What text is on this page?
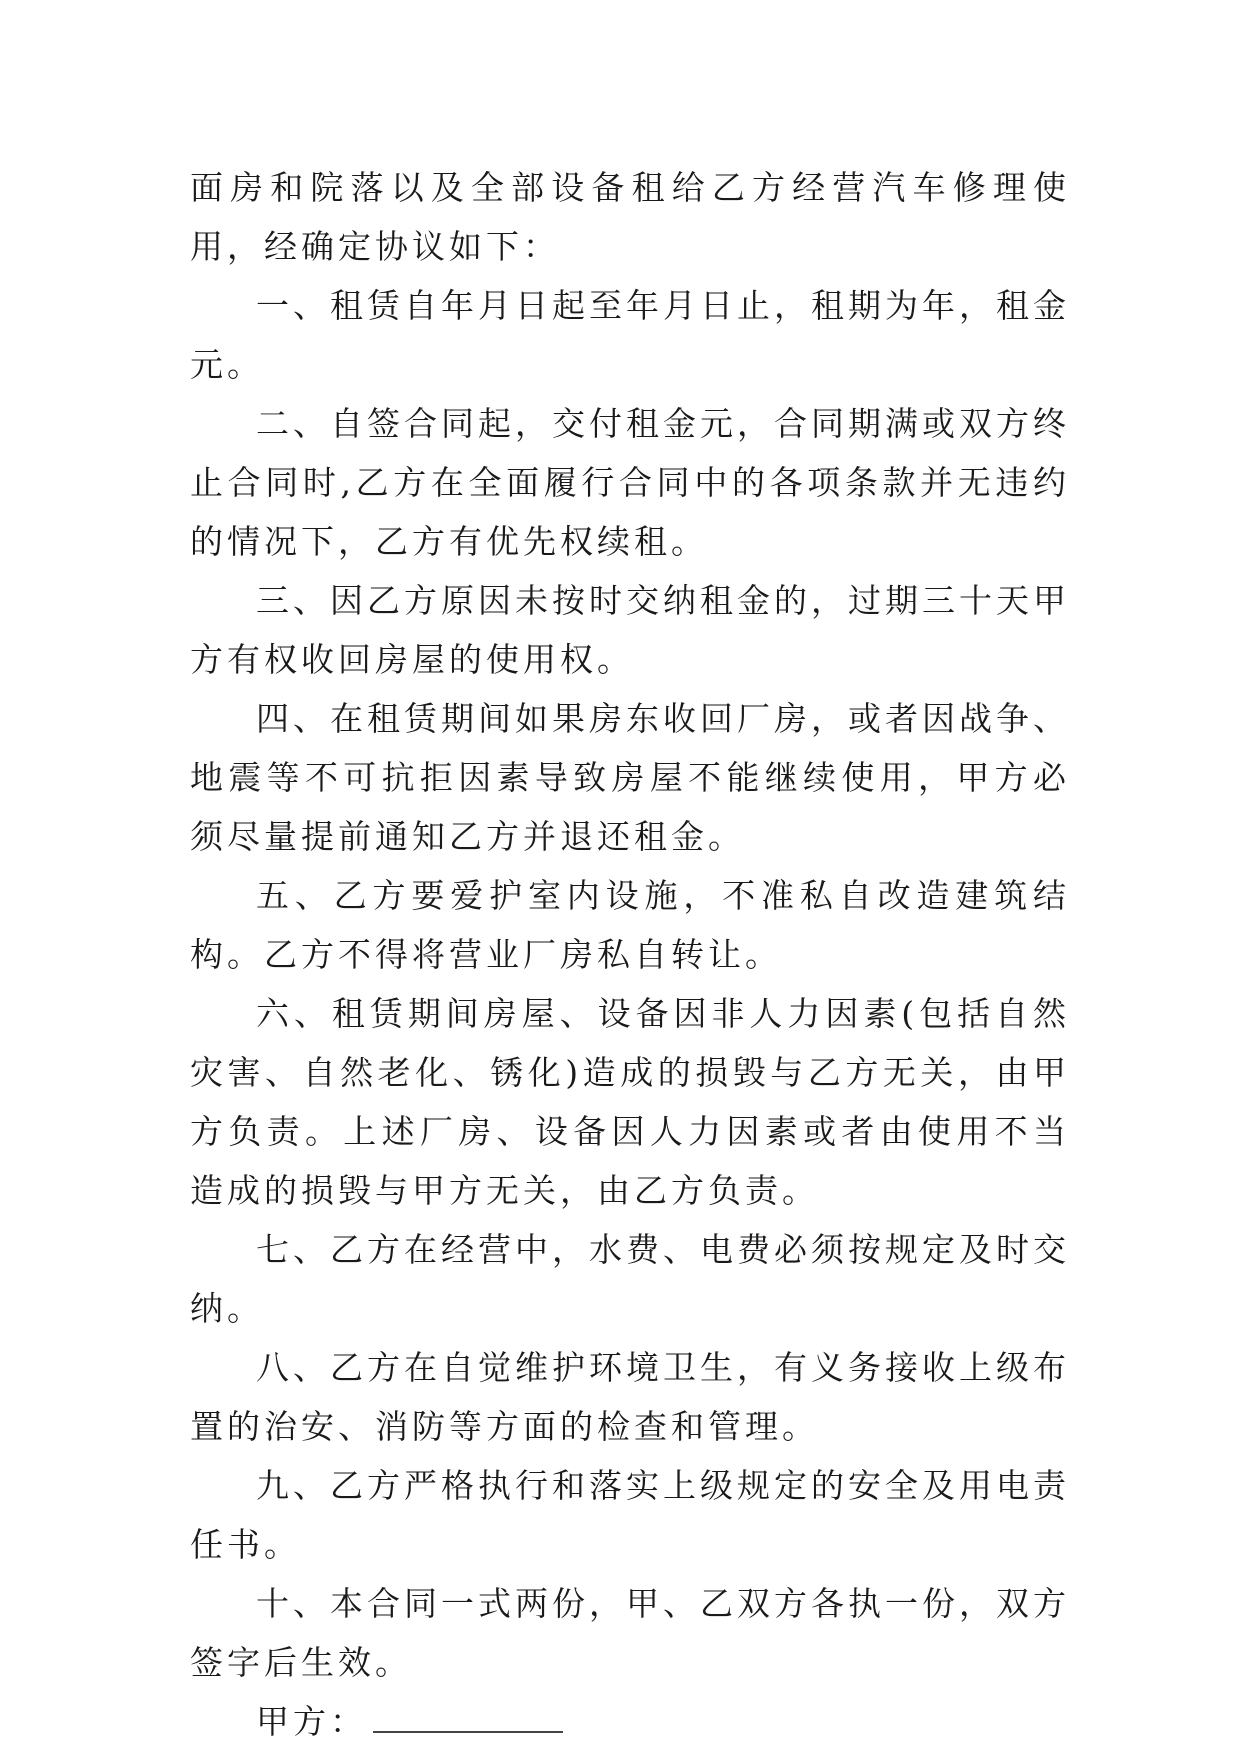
面房和院落以及全部设备租给乙方经营汽车修理使用，经确定协议如下：

一、租赁自年月日起至年月日止，租期为年，租金元。

二、自签合同起，交付租金元，合同期满或双方终止合同时,乙方在全面履行合同中的各项条款并无违约的情况下，乙方有优先权续租。

三、因乙方原因未按时交纳租金的，过期三十天甲方有权收回房屋的使用权。

四、在租赁期间如果房东收回厂房，或者因战争、地震等不可抗拒因素导致房屋不能继续使用，甲方必须尽量提前通知乙方并退还租金。

五、乙方要爱护室内设施，不准私自改造建筑结构。乙方不得将营业厂房私自转让。

六、租赁期间房屋、设备因非人力因素(包括自然灾害、自然老化、锈化)造成的损毁与乙方无关，由甲方负责。上述厂房、设备因人力因素或者由使用不当造成的损毁与甲方无关，由乙方负责。

七、乙方在经营中，水费、电费必须按规定及时交纳。

八、乙方在自觉维护环境卫生，有义务接收上级布置的治安、消防等方面的检查和管理。

九、乙方严格执行和落实上级规定的安全及用电责任书。

十、本合同一式两份，甲、乙双方各执一份，双方签字后生效。

甲方：
